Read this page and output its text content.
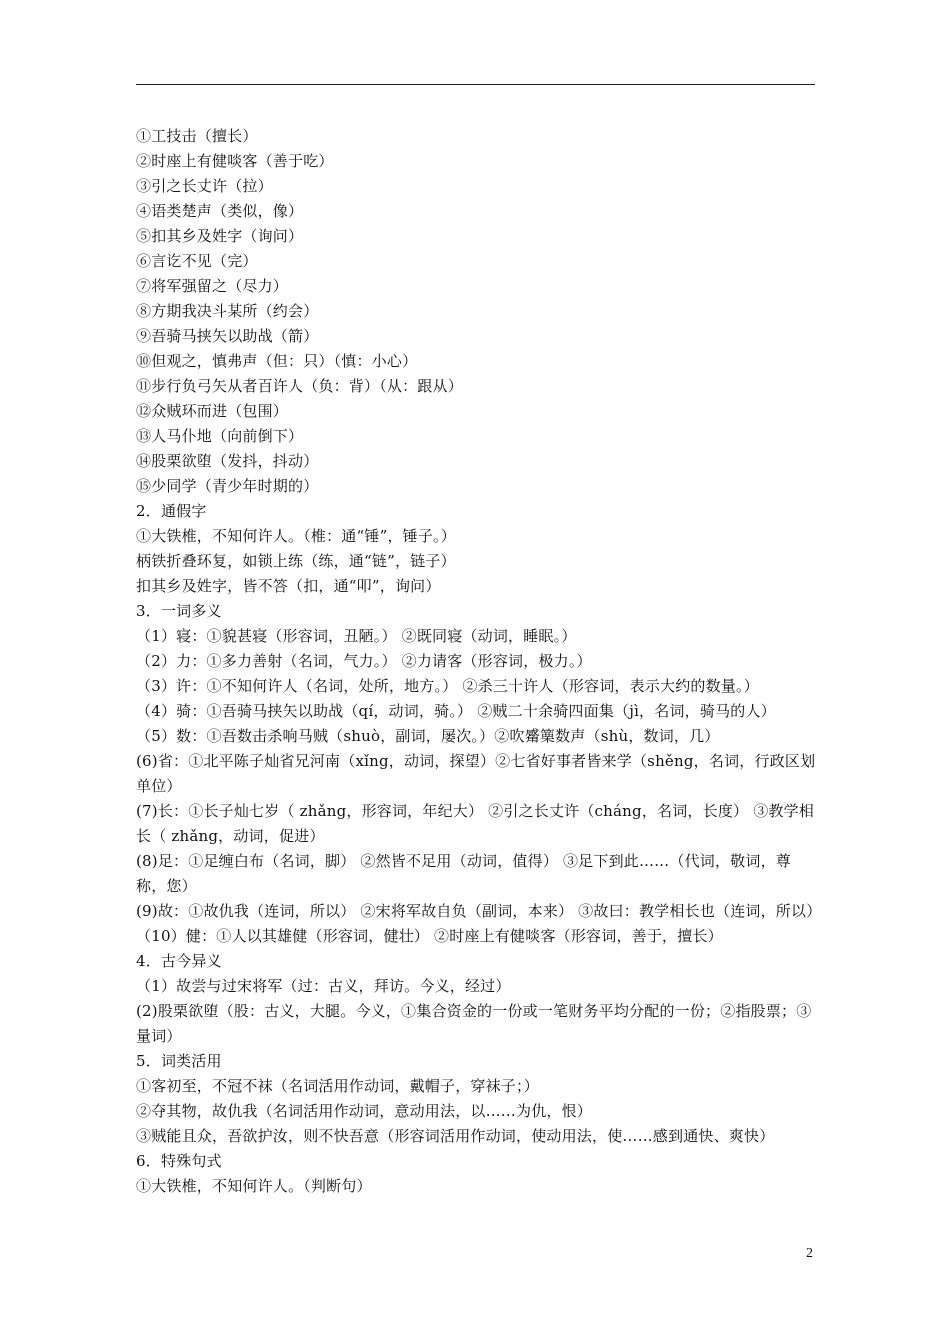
①工技击（擅长）
②时座上有健啖客（善于吃）
③引之长丈许（拉）
④语类楚声（类似，像）
⑤扣其乡及姓字（询问）
⑥言讫不见（完）
⑦将军强留之（尽力）
⑧方期我决斗某所（约会）
⑨吾骑马挟矢以助战（箭）
⑩但观之，慎弗声（但：只）（慎：小心）
⑪步行负弓矢从者百许人（负：背）（从：跟从）
⑫众贼环而进（包围）
⑬人马仆地（向前倒下）
⑭股栗欲堕（发抖，抖动）
⑮少同学（青少年时期的）
2．通假字
①大铁椎，不知何许人。（椎：通“锤”，锤子。）
柄铁折叠环复，如锁上练（练，通“链”，链子）
扣其乡及姓字，皆不答（扣，通“叩”，询问）
3．一词多义
（1）寝：①貌甚寝（形容词，丑陋。） ②既同寝（动词，睡眠。）
（2）力：①多力善射（名词，气力。） ②力请客（形容词，极力。）
（3）许：①不知何许人（名词，处所，地方。） ②杀三十许人（形容词，表示大约的数量。）
（4）骑：①吾骑马挟矢以助战（qí，动词，骑。） ②贼二十余骑四面集（jì，名词，骑马的人）
（5）数：①吾数击杀响马贼（shuò，副词，屡次。）②吹觱篥数声（shù，数词，几）
(6)省：①北平陈子灿省兄河南（xǐng，动词，探望）②七省好事者皆来学（shěng，名词，行政区划单位）
(7)长：①长子灿七岁（ zhǎng，形容词，年纪大） ②引之长丈许（cháng，名词，长度） ③教学相长（ zhǎng，动词，促进）
(8)足：①足缠白布（名词，脚） ②然皆不足用（动词，值得） ③足下到此……（代词，敬词，尊称，您）
(9)故：①故仇我（连词，所以） ②宋将军故自负（副词，本来） ③故曰：教学相长也（连词，所以）
（10）健：①人以其雄健（形容词，健壮） ②时座上有健啖客（形容词，善于，擅长）
4．古今异义
（1）故尝与过宋将军（过：古义，拜访。今义，经过）
(2)股栗欲堕（股：古义，大腿。今义，①集合资金的一份或一笔财务平均分配的一份；②指股票；③量词）
5．词类活用
①客初至，不冠不袜（名词活用作动词，戴帽子，穿袜子；）
②夺其物，故仇我（名词活用作动词，意动用法，以……为仇，恨）
③贼能且众，吾欲护汝，则不快吾意（形容词活用作动词，使动用法，使……感到通快、爽快）
6．特殊句式
①大铁椎，不知何许人。（判断句）
2
